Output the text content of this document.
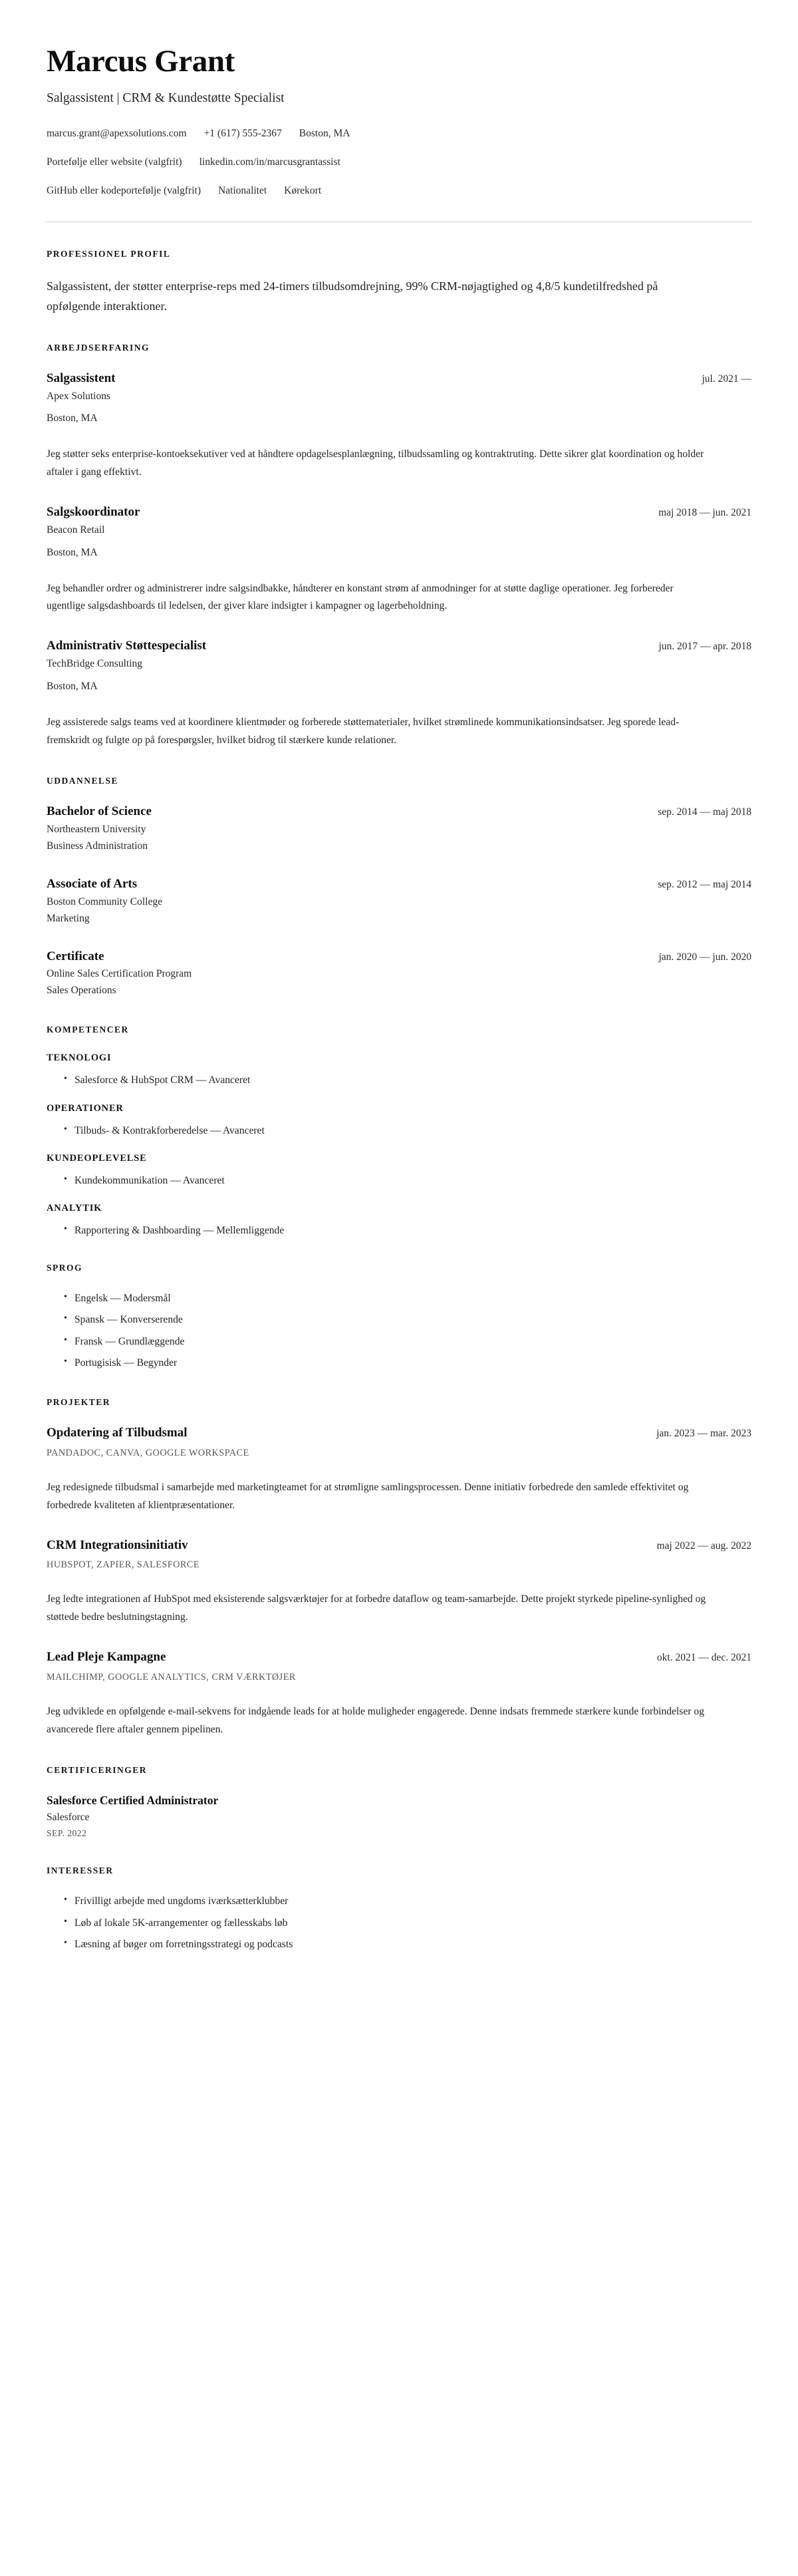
Marcus Grant
Salgassistent | CRM & Kundestøtte Specialist
marcus.grant@apexsolutions.com +1 (617) 555-2367 Boston, MA
Portefølje eller website (valgfrit) linkedin.com/in/marcusgrantassist
GitHub eller kodeportefølje (valgfrit) Nationalitet Kørekort
PROFESSIONEL PROFIL

Salgassistent, der støtter enterprise-reps med 24-timers tilbudsomdrejning, 99% CRM-nøjagtighed og 4,8/5 kundetilfredshed på opfølgende interaktioner.

ARBEJDSERFARING
Salgassistent	jul. 2021 —

Apex Solutions

Boston, MA

Jeg støtter seks enterprise-kontoeksekutiver ved at håndtere opdagelsesplanlægning, tilbudssamling og kontraktruting. Dette sikrer glat koordination og holder aftaler i gang effektivt.

Salgskoordinator	maj 2018 — jun. 2021

Beacon Retail

Boston, MA

Jeg behandler ordrer og administrerer indre salgsindbakke, håndterer en konstant strøm af anmodninger for at støtte daglige operationer. Jeg forbereder ugentlige salgsdashboards til ledelsen, der giver klare indsigter i kampagner og lagerbeholdning.

Administrativ Støttespecialist	jun. 2017 — apr. 2018

TechBridge Consulting

Boston, MA

Jeg assisterede salgs teams ved at koordinere klientmøder og forberede støttematerialer, hvilket strømlinede kommunikationsindsatser. Jeg sporede lead-fremskridt og fulgte op på forespørgsler, hvilket bidrog til stærkere kunde relationer.

UDDANNELSE
Bachelor of Science	sep. 2014 — maj 2018

Northeastern University

Business Administration

Associate of Arts	sep. 2012 — maj 2014

Boston Community College

Marketing

Certificate	jan. 2020 — jun. 2020

Online Sales Certification Program

Sales Operations

KOMPETENCER
TEKNOLOGI
• Salesforce & HubSpot CRM — Avanceret
OPERATIONER
• Tilbuds- & Kontrakforberedelse — Avanceret
KUNDEOPLEVELSE
• Kundekommunikation — Avanceret
ANALYTIK
• Rapportering & Dashboarding — Mellemliggende
SPROG
• Engelsk — Modersmål
• Spansk — Konverserende
• Fransk — Grundlæggende
• Portugisisk — Begynder
PROJEKTER
Opdatering af Tilbudsmal	jan. 2023 — mar. 2023

PANDADOC, CANVA, GOOGLE WORKSPACE

Jeg redesignede tilbudsmal i samarbejde med marketingteamet for at strømligne samlingsprocessen. Denne initiativ forbedrede den samlede effektivitet og forbedrede kvaliteten af klientpræsentationer.

CRM Integrationsinitiativ	maj 2022 — aug. 2022

HUBSPOT, ZAPIER, SALESFORCE

Jeg ledte integrationen af HubSpot med eksisterende salgsværktøjer for at forbedre dataflow og team-samarbejde. Dette projekt styrkede pipeline-synlighed og støttede bedre beslutningstagning.

Lead Pleje Kampagne	okt. 2021 — dec. 2021

MAILCHIMP, GOOGLE ANALYTICS, CRM VÆRKTØJER

Jeg udviklede en opfølgende e-mail-sekvens for indgående leads for at holde muligheder engagerede. Denne indsats fremmede stærkere kunde forbindelser og avancerede flere aftaler gennem pipelinen.

CERTIFICERINGER
Salesforce Certified Administrator

Salesforce

SEP. 2022

INTERESSER
• Frivilligt arbejde med ungdoms iværksætterklubber
• Løb af lokale 5K-arrangementer og fællesskabs løb
• Læsning af bøger om forretningsstrategi og podcasts
